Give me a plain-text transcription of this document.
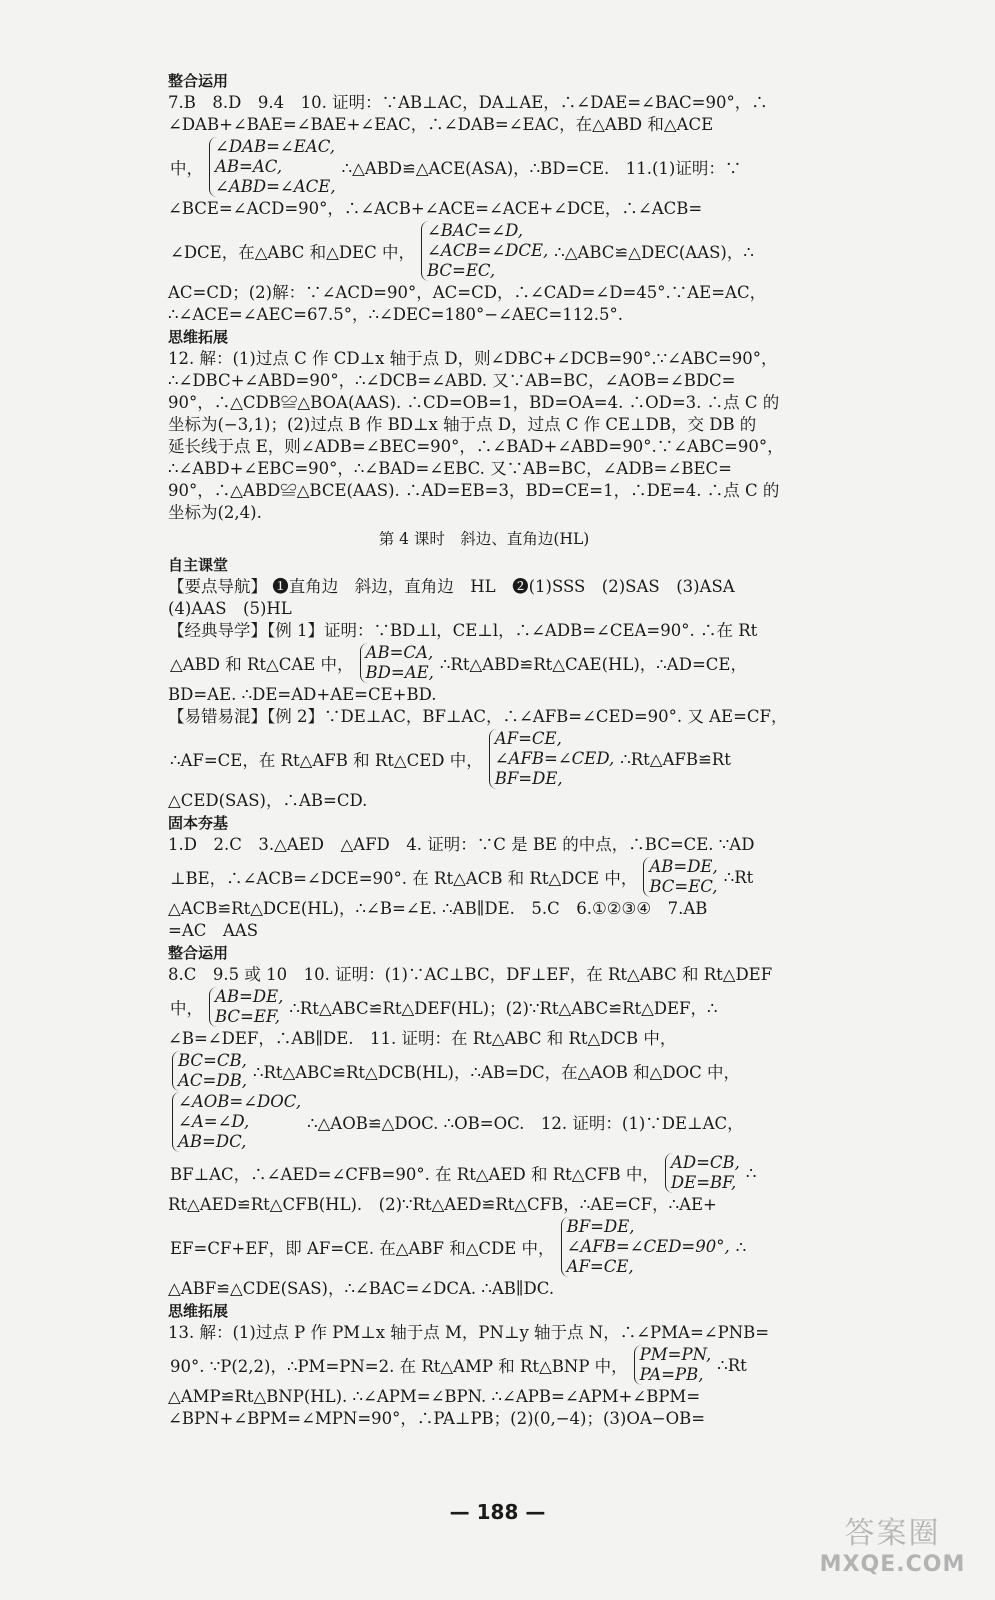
整合运用

7.B　8.D　9.4　10. 证明：∵AB⊥AC，DA⊥AE，∴∠DAE=∠BAC=90°，∴

∠DAB+∠BAE=∠BAE+∠EAC，∴∠DAB=∠EAC，在△ABD 和△ACE

中，
∠DAB=∠EAC,
AB=AC,
∠ABD=∠ACE,
∴△ABD≌△ACE(ASA)，∴BD=CE.　11.(1)证明：∵

∠BCE=∠ACD=90°，∴∠ACB+∠ACE=∠ACE+∠DCE，∴∠ACB=

∠DCE，在△ABC 和△DEC 中，
∠BAC=∠D,
∠ACB=∠DCE,
BC=EC,
∴△ABC≌△DEC(AAS)，∴

AC=CD；(2)解：∵∠ACD=90°，AC=CD，∴∠CAD=∠D=45°.∵AE=AC，

∴∠ACE=∠AEC=67.5°，∴∠DEC=180°−∠AEC=112.5°.

思维拓展

12. 解：(1)过点 C 作 CD⊥x 轴于点 D，则∠DBC+∠DCB=90°.∵∠ABC=90°，

∴∠DBC+∠ABD=90°，∴∠DCB=∠ABD. 又∵AB=BC，∠AOB=∠BDC=

90°，∴△CDB≌△BOA(AAS). ∴CD=OB=1，BD=OA=4. ∴OD=3. ∴点 C 的

坐标为(−3,1)；(2)过点 B 作 BD⊥x 轴于点 D，过点 C 作 CE⊥DB，交 DB 的

延长线于点 E，则∠ADB=∠BEC=90°，∴∠BAD+∠ABD=90°.∵∠ABC=90°，

∴∠ABD+∠EBC=90°，∴∠BAD=∠EBC. 又∵AB=BC，∠ADB=∠BEC=

90°，∴△ABD≌△BCE(AAS). ∴AD=EB=3，BD=CE=1，∴DE=4. ∴点 C 的

坐标为(2,4).

第 4 课时　斜边、直角边(HL)

自主课堂

【要点导航】 ❶直角边　斜边，直角边　HL　❷(1)SSS　(2)SAS　(3)ASA

(4)AAS　(5)HL

【经典导学】【例 1】证明：∵BD⊥l，CE⊥l，∴∠ADB=∠CEA=90°. ∴在 Rt

△ABD 和 Rt△CAE 中，
AB=CA,
BD=AE, ∴Rt△ABD≌Rt△CAE(HL)，∴AD=CE，

BD=AE. ∴DE=AD+AE=CE+BD.

【易错易混】【例 2】∵DE⊥AC，BF⊥AC，∴∠AFB=∠CED=90°. 又 AE=CF，

∴AF=CE，在 Rt△AFB 和 Rt△CED 中，
AF=CE,
∠AFB=∠CED,
BF=DE,
∴Rt△AFB≌Rt

△CED(SAS)，∴AB=CD.

固本夯基

1.D　2.C　3.△AED　△AFD　4. 证明：∵C 是 BE 的中点，∴BC=CE. ∵AD

⊥BE，∴∠ACB=∠DCE=90°. 在 Rt△ACB 和 Rt△DCE 中，
AB=DE,
BC=EC, ∴Rt

△ACB≌Rt△DCE(HL)，∴∠B=∠E. ∴AB∥DE.　5.C　6.①②③④　7.AB

=AC　AAS

整合运用

8.C　9.5 或 10　10. 证明：(1)∵AC⊥BC，DF⊥EF，在 Rt△ABC 和 Rt△DEF

中，
AB=DE,
BC=EF, ∴Rt△ABC≌Rt△DEF(HL)；(2)∵Rt△ABC≌Rt△DEF，∴

∠B=∠DEF，∴AB∥DE.　11. 证明：在 Rt△ABC 和 Rt△DCB 中，

BC=CB,
AC=DB, ∴Rt△ABC≌Rt△DCB(HL)，∴AB=DC，在△AOB 和△DOC 中，
∠AOB=∠DOC,
∠A=∠D,
AB=DC,
∴△AOB≌△DOC. ∴OB=OC.　12. 证明：(1)∵DE⊥AC，
BF⊥AC，∴∠AED=∠CFB=90°. 在 Rt△AED 和 Rt△CFB 中，
AD=CB,
DE=BF, ∴

Rt△AED≌Rt△CFB(HL).　(2)∵Rt△AED≌Rt△CFB，∴AE=CF，∴AE+

EF=CF+EF，即 AF=CE. 在△ABF 和△CDE 中，
BF=DE,
∠AFB=∠CED=90°,
AF=CE,
∴

△ABF≌△CDE(SAS)，∴∠BAC=∠DCA. ∴AB∥DC.

思维拓展

13. 解：(1)过点 P 作 PM⊥x 轴于点 M，PN⊥y 轴于点 N，∴∠PMA=∠PNB=

90°. ∵P(2,2)，∴PM=PN=2. 在 Rt△AMP 和 Rt△BNP 中，
PM=PN,
PA=PB, ∴Rt

△AMP≌Rt△BNP(HL). ∴∠APM=∠BPN. ∴∠APB=∠APM+∠BPM=

∠BPN+∠BPM=∠MPN=90°，∴PA⊥PB；(2)(0,−4)；(3)OA−OB=

— 188 —
答案圈
MXQE.COM
